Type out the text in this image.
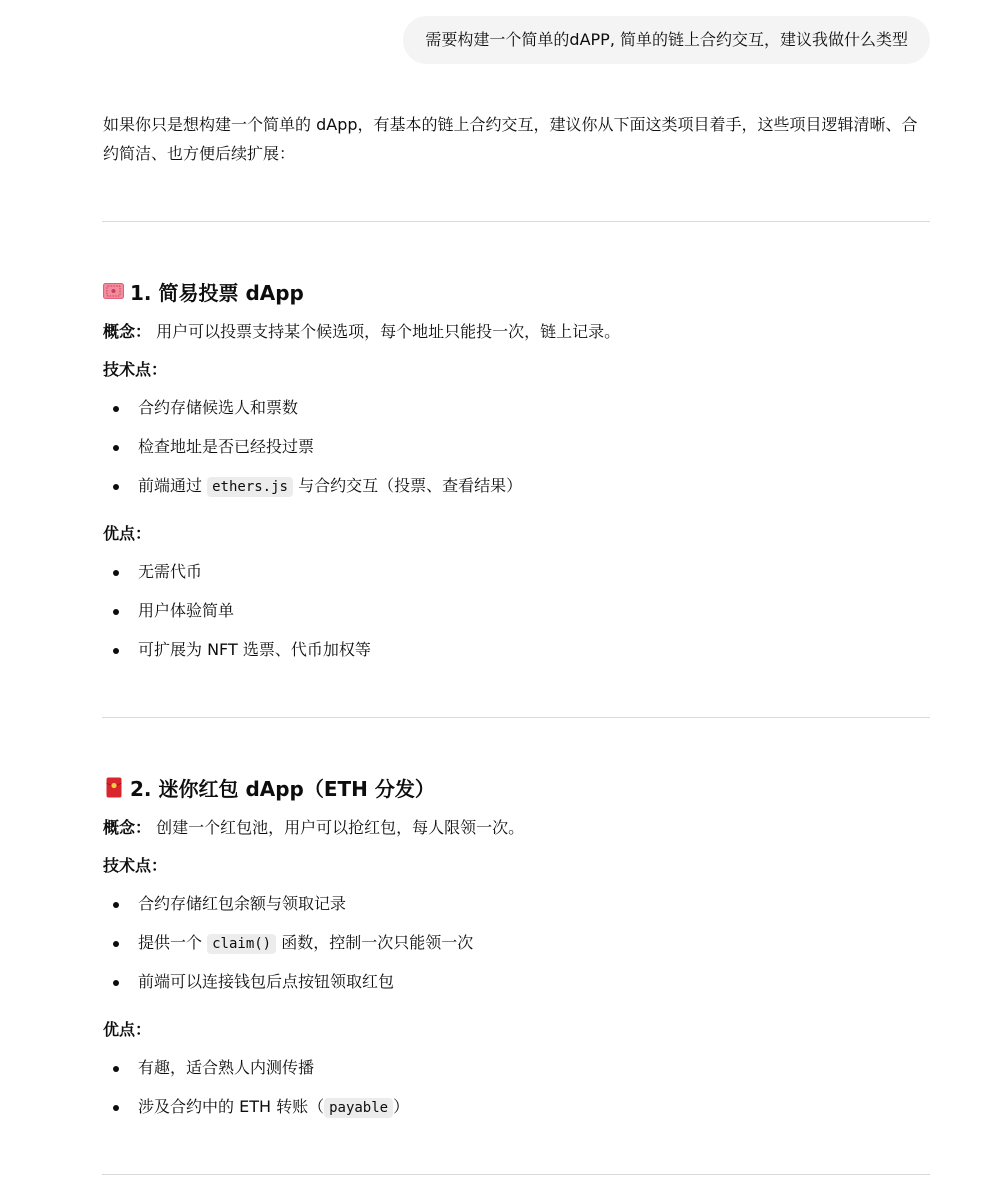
需要构建一个简单的dAPP, 简单的链上合约交互，建议我做什么类型

如果你只是想构建一个简单的 dApp，有基本的链上合约交互，建议你从下面这类项目着手，这些项目逻辑清晰、合约简洁、也方便后续扩展：

1. 简易投票 dApp

概念： 用户可以投票支持某个候选项，每个地址只能投一次，链上记录。

技术点：

合约存储候选人和票数
检查地址是否已经投过票
前端通过 ethers.js 与合约交互（投票、查看结果）

优点：

无需代币
用户体验简单
可扩展为 NFT 选票、代币加权等
2. 迷你红包 dApp（ETH 分发）

概念： 创建一个红包池，用户可以抢红包，每人限领一次。

技术点：

合约存储红包余额与领取记录
提供一个 claim() 函数，控制一次只能领一次
前端可以连接钱包后点按钮领取红包

优点：

有趣，适合熟人内测传播
涉及合约中的 ETH 转账（ payable ）
